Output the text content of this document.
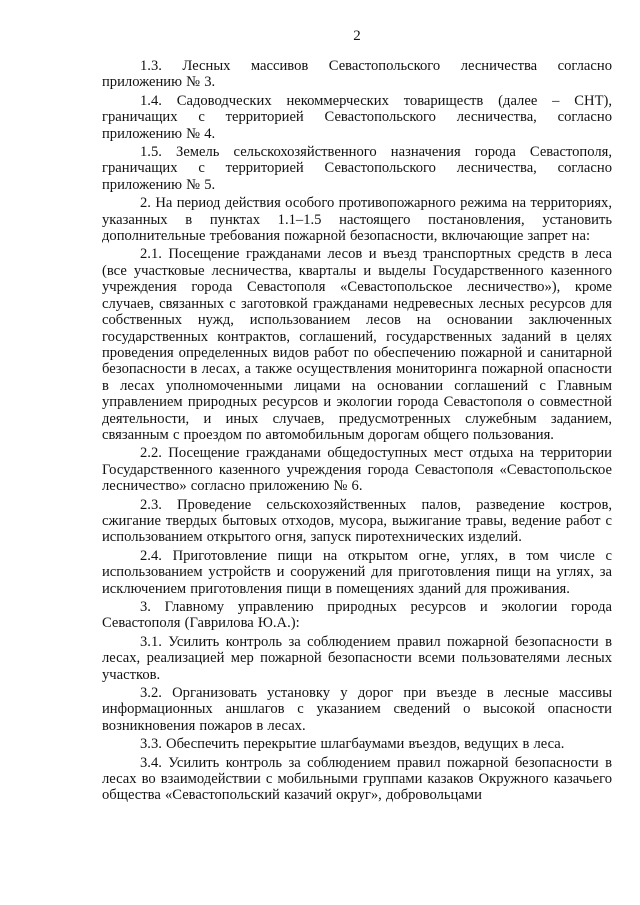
2

1.3. Лесных массивов Севастопольского лесничества согласно приложению № 3.

1.4. Садоводческих некоммерческих товариществ (далее – СНТ), граничащих с территорией Севастопольского лесничества, согласно приложению № 4.

1.5. Земель сельскохозяйственного назначения города Севастополя, граничащих с территорией Севастопольского лесничества, согласно приложению № 5.

2. На период действия особого противопожарного режима на территориях, указанных в пунктах 1.1–1.5 настоящего постановления, установить дополнительные требования пожарной безопасности, включающие запрет на:

2.1. Посещение гражданами лесов и въезд транспортных средств в леса (все участковые лесничества, кварталы и выделы Государственного казенного учреждения города Севастополя «Севастопольское лесничество»), кроме случаев, связанных с заготовкой гражданами недревесных лесных ресурсов для собственных нужд, использованием лесов на основании заключенных государственных контрактов, соглашений, государственных заданий в целях проведения определенных видов работ по обеспечению пожарной и санитарной безопасности в лесах, а также осуществления мониторинга пожарной опасности в лесах уполномоченными лицами на основании соглашений с Главным управлением природных ресурсов и экологии города Севастополя о совместной деятельности, и иных случаев, предусмотренных служебным заданием, связанным с проездом по автомобильным дорогам общего пользования.

2.2. Посещение гражданами общедоступных мест отдыха на территории Государственного казенного учреждения города Севастополя «Севастопольское лесничество» согласно приложению № 6.

2.3. Проведение сельскохозяйственных палов, разведение костров, сжигание твердых бытовых отходов, мусора, выжигание травы, ведение работ с использованием открытого огня, запуск пиротехнических изделий.

2.4. Приготовление пищи на открытом огне, углях, в том числе с использованием устройств и сооружений для приготовления пищи на углях, за исключением приготовления пищи в помещениях зданий для проживания.

3. Главному управлению природных ресурсов и экологии города Севастополя (Гаврилова Ю.А.):

3.1. Усилить контроль за соблюдением правил пожарной безопасности в лесах, реализацией мер пожарной безопасности всеми пользователями лесных участков.

3.2. Организовать установку у дорог при въезде в лесные массивы информационных аншлагов с указанием сведений о высокой опасности возникновения пожаров в лесах.

3.3. Обеспечить перекрытие шлагбаумами въездов, ведущих в леса.

3.4. Усилить контроль за соблюдением правил пожарной безопасности в лесах во взаимодействии с мобильными группами казаков Окружного казачьего общества «Севастопольский казачий округ», добровольцами
